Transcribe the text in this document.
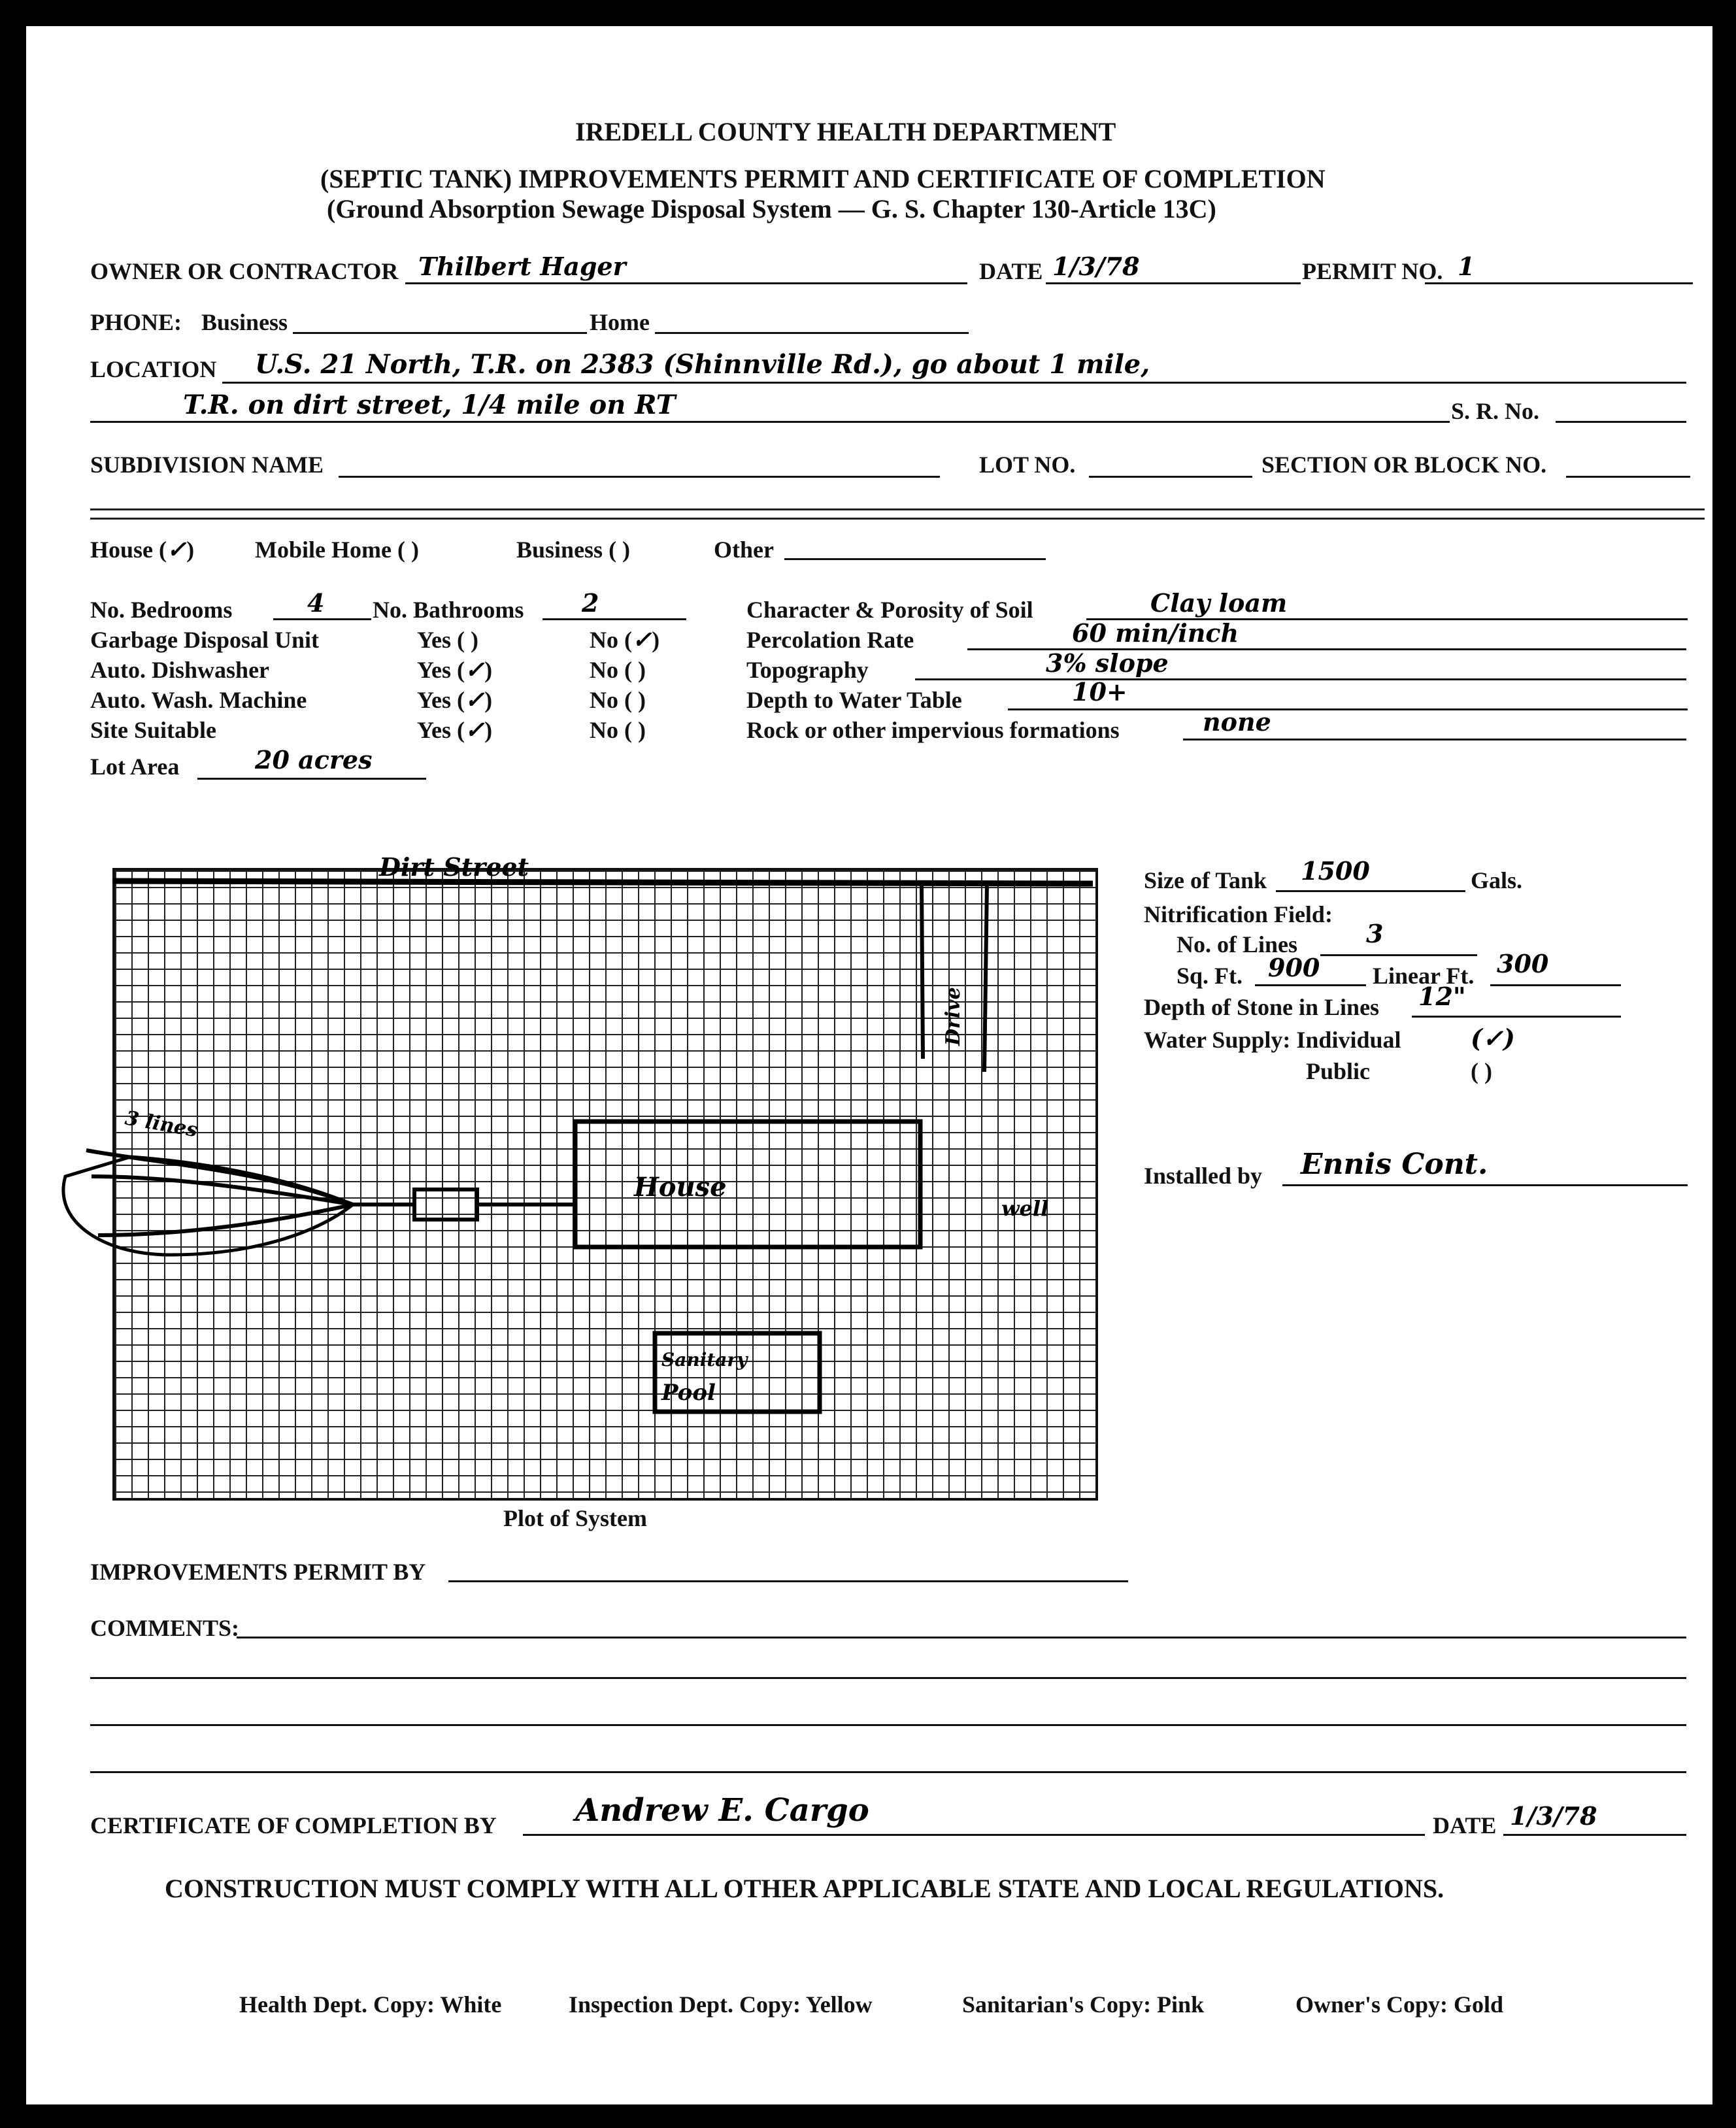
IREDELL COUNTY HEALTH DEPARTMENT
(SEPTIC TANK) IMPROVEMENTS PERMIT AND CERTIFICATE OF COMPLETION
(Ground Absorption Sewage Disposal System — G. S. Chapter 130-Article 13C)
OWNER OR CONTRACTOR Thilbert Hager	DATE 1/3/78	PERMIT NO. 1
PHONE: Business	Home
LOCATION U.S. 21 North, T.R. on 2383 (Shinnville Rd.), go about 1 mile,
T.R. on dirt street, 1/4 mile on RT	S. R. No.
SUBDIVISION NAME	LOT NO.	SECTION OR BLOCK NO.
House (✓)	Mobile Home ( )	Business ( )	Other
No. Bedrooms	4 No. Bathrooms 2
Garbage Disposal Unit	Yes ( )	No (✓)
Auto. Dishwasher	Yes (✓)	No ( )
Auto. Wash. Machine	Yes (✓)	No ( )
Site Suitable	Yes (✓)	No ( )
Lot Area	20 acres
Character & Porosity of Soil	Clay loam
Percolation Rate	60 min/inch
Topography	3% slope
Depth to Water Table	10+
Rock or other impervious formations	none
Dirt Street
Drive
House
3 lines
Sanitary
Pool
well
Plot of System
Size of Tank 1500	Gals.
Nitrification Field:
No. of Lines	3
Sq. Ft. 900 Linear Ft. 300
Depth of Stone in Lines 12"
Water Supply: Individual	(✓)
Public	( )
Installed by Ennis Cont.
IMPROVEMENTS PERMIT BY
COMMENTS:
CERTIFICATE OF COMPLETION BY	Andrew E. Cargo	DATE 1/3/78
CONSTRUCTION MUST COMPLY WITH ALL OTHER APPLICABLE STATE AND LOCAL REGULATIONS.
Health Dept. Copy: White	Inspection Dept. Copy: Yellow	Sanitarian's Copy: Pink	Owner's Copy: Gold
